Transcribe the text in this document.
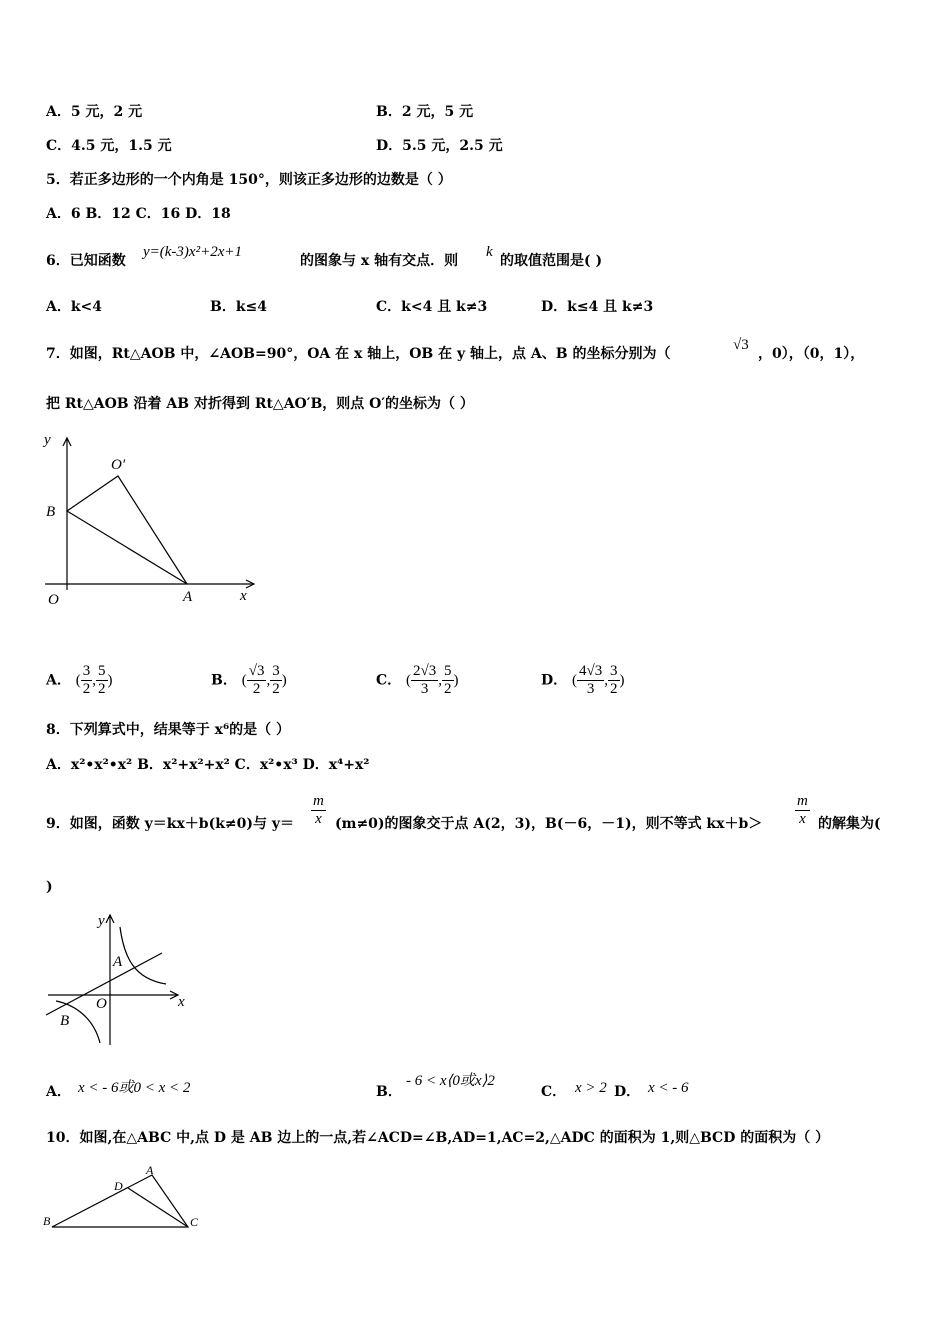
A．5 元，2 元	B．2 元，5 元
C．4.5 元，1.5 元	D．5.5 元，2.5 元
5．若正多边形的一个内角是 150°，则该正多边形的边数是（ ）
A．6 B．12 C．16 D．18
6．已知函数
y=(k-3)x²+2x+1
的图象与 x 轴有交点．则
k
的取值范围是( )
A．k<4	B．k≤4	C．k<4 且 k≠3	D．k≤4 且 k≠3
7．如图，Rt△AOB 中，∠AOB=90°，OA 在 x 轴上，OB 在 y 轴上，点 A、B 的坐标分别为（
√3
，0），（0，1），
把 Rt△AOB 沿着 AB 对折得到 Rt△AO′B，则点 O′的坐标为（ ）
y
x
O	A
B
O′
A． ( $\frac{3}{2}$ , $\frac{5}{2}$ )	B． ( $\frac{√3}{2}$ , $\frac{3}{2}$ )	C． ( $\frac{2√3}{3}$ , $\frac{5}{2}$ )	D． ( $\frac{4√3}{3}$ , $\frac{3}{2}$ )
8．下列算式中，结果等于 x⁶的是（ ）
A．x²•x²•x² B．x²+x²+x² C．x²•x³ D．x⁴+x²
9．如图，函数 y＝kx＋b(k≠0)与 $y= \frac{m}{x} (m\ne 0)$的图象交于点 A(2，3)，B(－6，－1)，则不等式 $kx+b> \frac{m}{x}$ 的解集为(
)
y
x
O
A
B
A． x < - 6或0 < x < 2	B．
- 6 < x⟨0或x⟩2
C． x > 2 D． x < - 6
10．如图,在△ABC 中,点 D 是 AB 边上的一点,若∠ACD=∠B,AD=1,AC=2,△ADC 的面积为 1,则△BCD 的面积为（ ）
A
B	C
D
